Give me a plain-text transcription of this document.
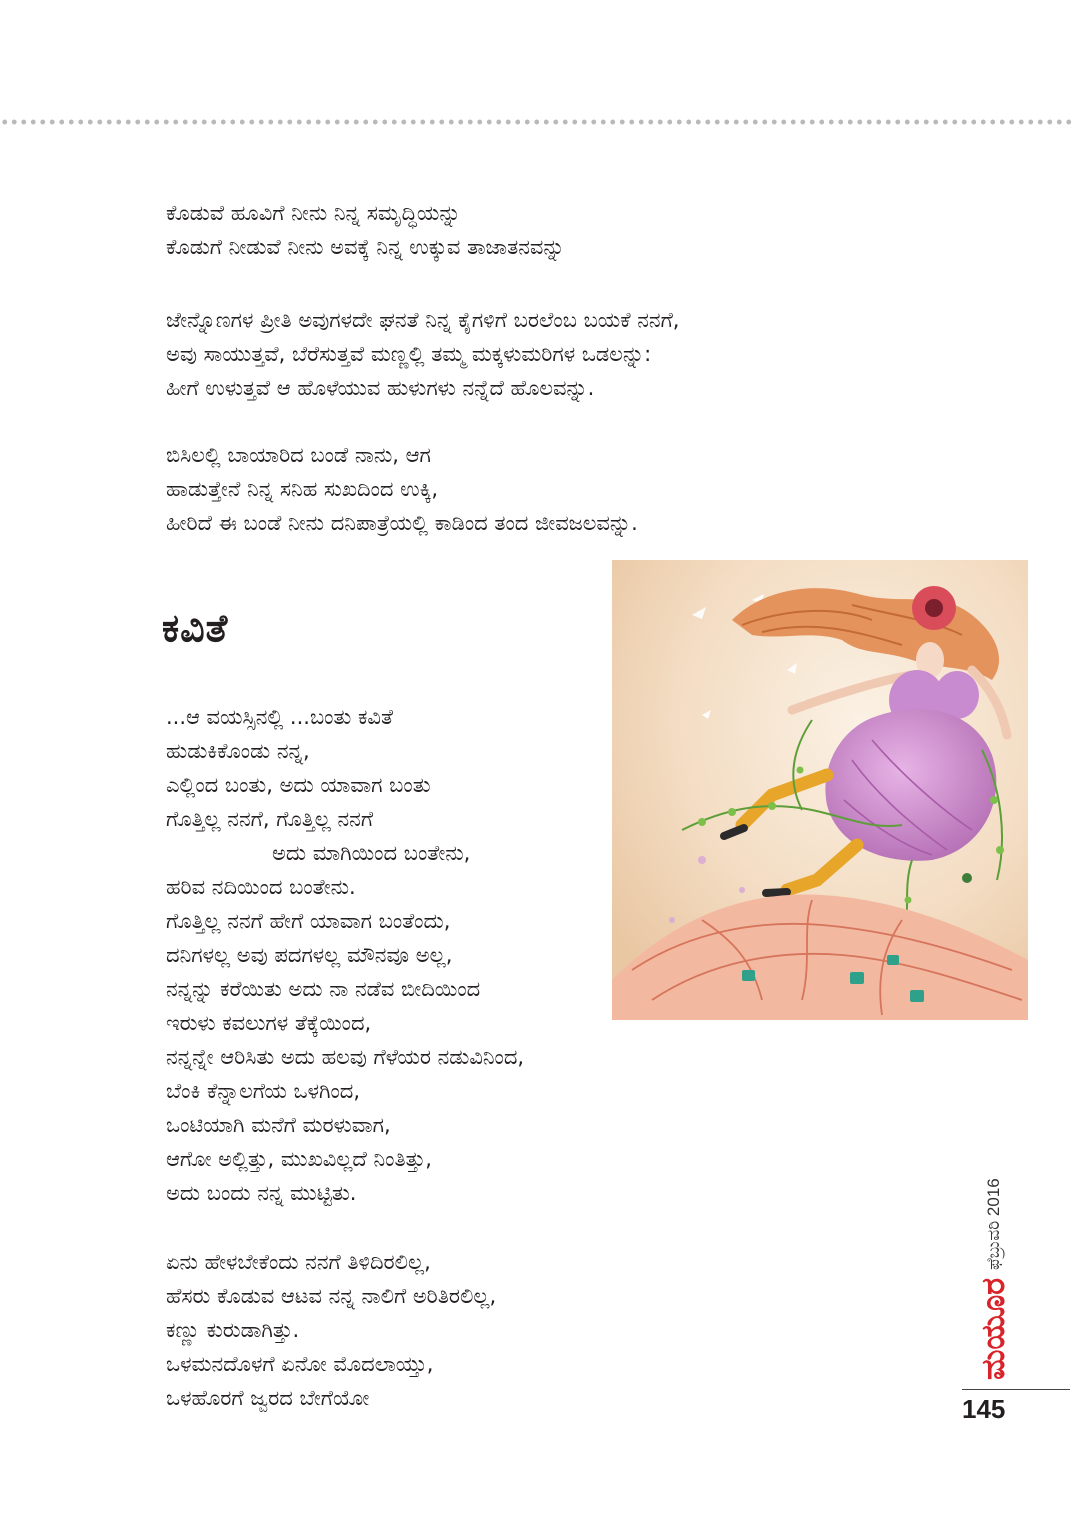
ಕೊಡುವೆ ಹೂವಿಗೆ ನೀನು ನಿನ್ನ ಸಮೃದ್ಧಿಯನ್ನು
ಕೊಡುಗೆ ನೀಡುವೆ ನೀನು ಅವಕ್ಕೆ ನಿನ್ನ ಉಕ್ಕುವ ತಾಜಾತನವನ್ನು
ಜೇನ್ನೊಣಗಳ ಪ್ರೀತಿ ಅವುಗಳದೇ ಘನತೆ ನಿನ್ನ ಕೈಗಳಿಗೆ ಬರಲೆಂಬ ಬಯಕೆ ನನಗೆ,
ಅವು ಸಾಯುತ್ತವೆ, ಬೆರೆಸುತ್ತವೆ ಮಣ್ಣಲ್ಲಿ ತಮ್ಮ ಮಕ್ಕಳುಮರಿಗಳ ಒಡಲನ್ನು:
ಹೀಗೆ ಉಳುತ್ತವೆ ಆ ಹೊಳೆಯುವ ಹುಳುಗಳು ನನ್ನೆದೆ ಹೊಲವನ್ನು.
ಬಿಸಿಲಲ್ಲಿ ಬಾಯಾರಿದ ಬಂಡೆ ನಾನು, ಆಗ
ಹಾಡುತ್ತೇನೆ ನಿನ್ನ ಸನಿಹ ಸುಖದಿಂದ ಉಕ್ಕಿ,
ಹೀರಿದೆ ಈ ಬಂಡೆ ನೀನು ದನಿಪಾತ್ರೆಯಲ್ಲಿ ಕಾಡಿಂದ ತಂದ ಜೀವಜಲವನ್ನು.
ಕವಿತೆ
...ಆ ವಯಸ್ಸಿನಲ್ಲಿ ...ಬಂತು ಕವಿತೆ
ಹುಡುಕಿಕೊಂಡು ನನ್ನ,
ಎಲ್ಲಿಂದ ಬಂತು, ಅದು ಯಾವಾಗ ಬಂತು
ಗೊತ್ತಿಲ್ಲ ನನಗೆ, ಗೊತ್ತಿಲ್ಲ ನನಗೆ
ಅದು ಮಾಗಿಯಿಂದ ಬಂತೇನು,
ಹರಿವ ನದಿಯಿಂದ ಬಂತೇನು.
ಗೊತ್ತಿಲ್ಲ ನನಗೆ ಹೇಗೆ ಯಾವಾಗ ಬಂತೆಂದು,
ದನಿಗಳಲ್ಲ ಅವು ಪದಗಳಲ್ಲ ಮೌನವೂ ಅಲ್ಲ,
ನನ್ನನ್ನು ಕರೆಯಿತು ಅದು ನಾ ನಡೆವ ಬೀದಿಯಿಂದ
ಇರುಳು ಕವಲುಗಳ ತೆಕ್ಕೆಯಿಂದ,
ನನ್ನನ್ನೇ ಆರಿಸಿತು ಅದು ಹಲವು ಗೆಳೆಯರ ನಡುವಿನಿಂದ,
ಬೆಂಕಿ ಕೆನ್ನಾಲಗೆಯ ಒಳಗಿಂದ,
ಒಂಟಿಯಾಗಿ ಮನೆಗೆ ಮರಳುವಾಗ,
ಆಗೋ ಅಲ್ಲಿತ್ತು, ಮುಖವಿಲ್ಲದೆ ನಿಂತಿತ್ತು,
ಅದು ಬಂದು ನನ್ನ ಮುಟ್ಟಿತು.
ಏನು ಹೇಳಬೇಕೆಂದು ನನಗೆ ತಿಳಿದಿರಲಿಲ್ಲ,
ಹೆಸರು ಕೊಡುವ ಆಟವ ನನ್ನ ನಾಲಿಗೆ ಅರಿತಿರಲಿಲ್ಲ,
ಕಣ್ಣು ಕುರುಡಾಗಿತ್ತು.
ಒಳಮನದೊಳಗೆ ಏನೋ ಮೊದಲಾಯ್ತು,
ಒಳಹೊರಗೆ ಜ್ವರದ ಬೇಗೆಯೋ
ಮಯೂರ
ಫೆಬ್ರುವರಿ 2016
145
